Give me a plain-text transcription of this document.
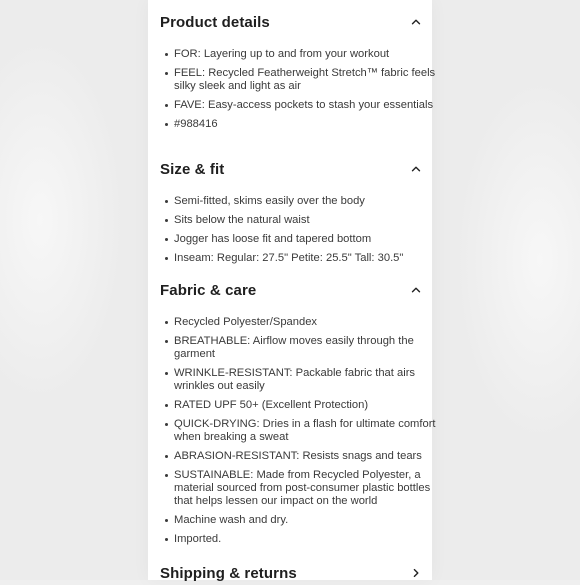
Product details
FOR: Layering up to and from your workout
FEEL: Recycled Featherweight Stretch™ fabric feels silky sleek and light as air
FAVE: Easy-access pockets to stash your essentials
#988416
Size & fit
Semi-fitted, skims easily over the body
Sits below the natural waist
Jogger has loose fit and tapered bottom
Inseam: Regular: 27.5" Petite: 25.5" Tall: 30.5"
Fabric & care
Recycled Polyester/Spandex
BREATHABLE: Airflow moves easily through the garment
WRINKLE-RESISTANT: Packable fabric that airs wrinkles out easily
RATED UPF 50+ (Excellent Protection)
QUICK-DRYING: Dries in a flash for ultimate comfort when breaking a sweat
ABRASION-RESISTANT: Resists snags and tears
SUSTAINABLE: Made from Recycled Polyester, a material sourced from post-consumer plastic bottles that helps lessen our impact on the world
Machine wash and dry.
Imported.
Shipping & returns
